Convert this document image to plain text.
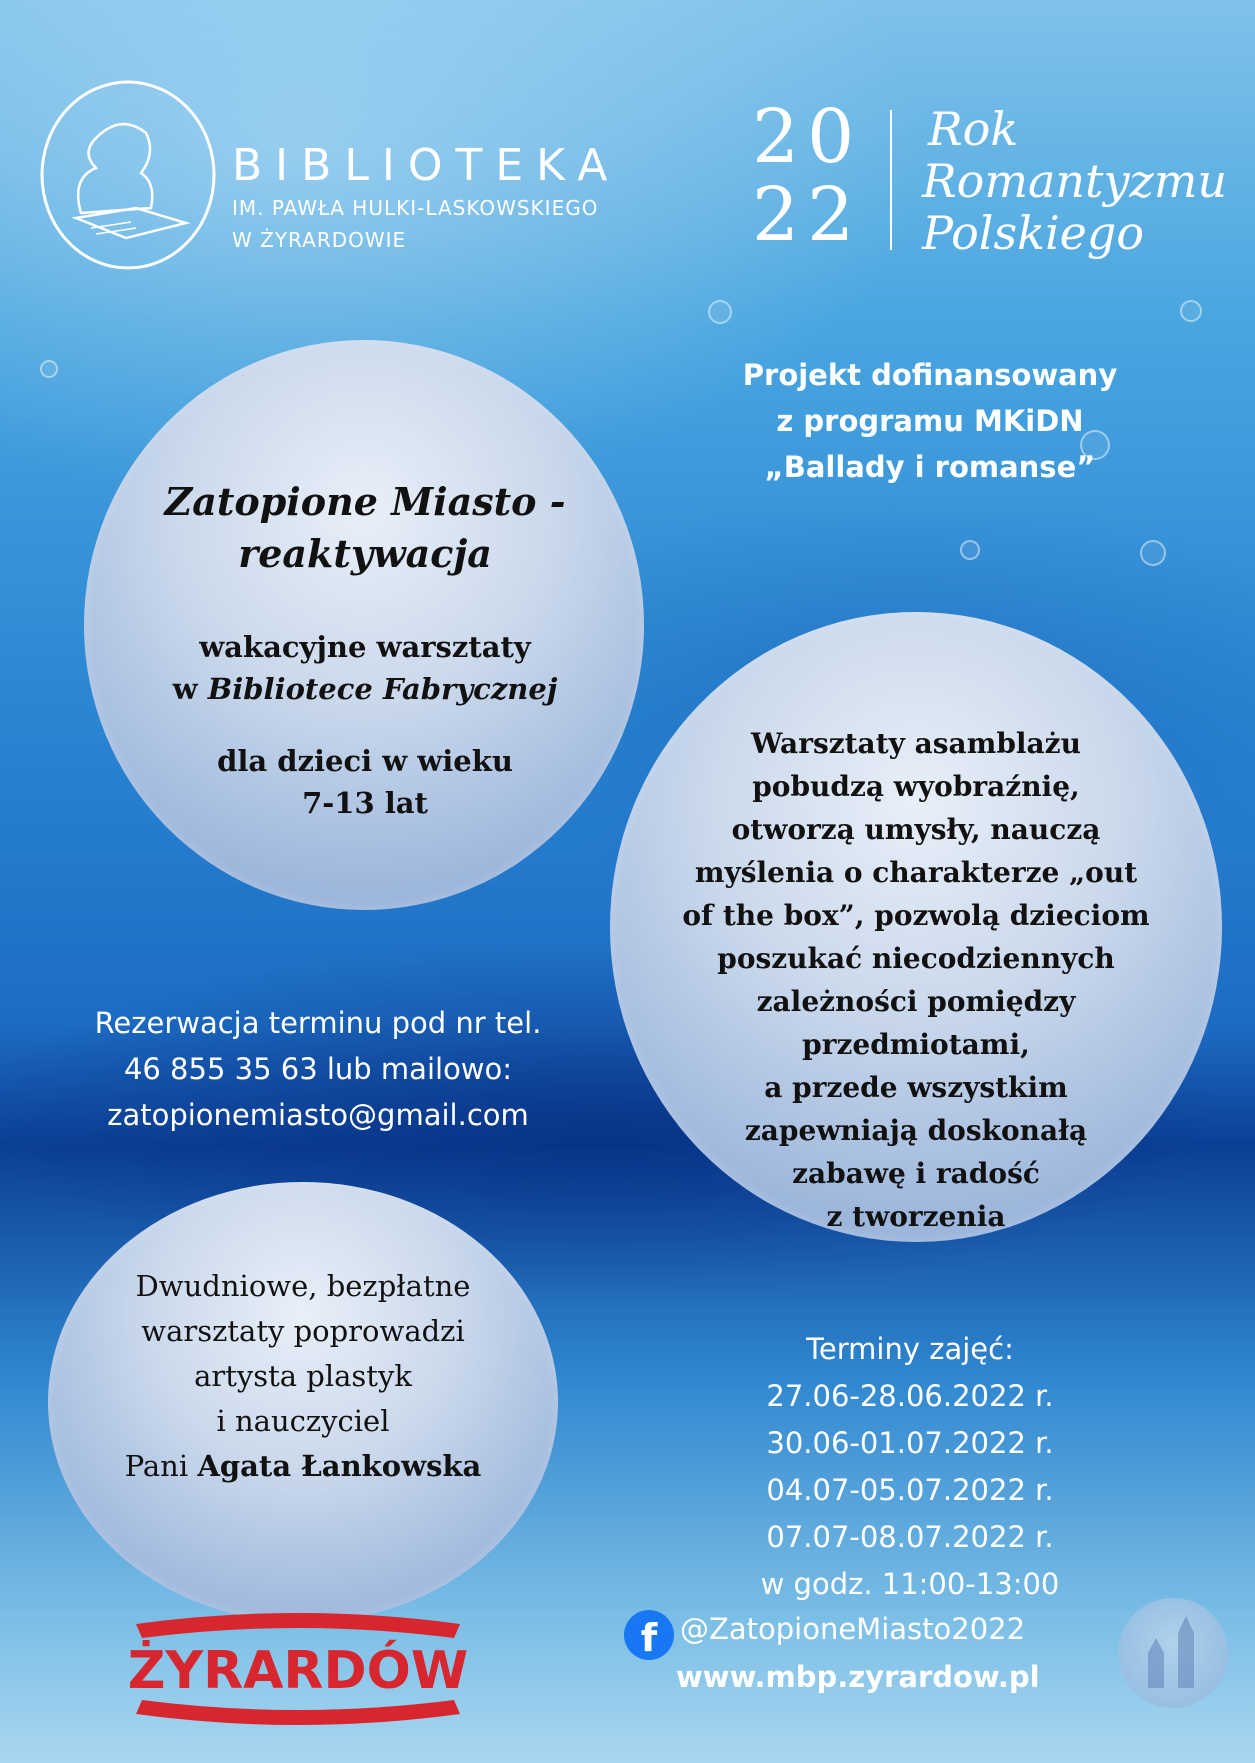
BIBLIOTEKA
IM. PAWŁA HULKI-LASKOWSKIEGO
W ŻYRARDOWIE
20
22
Rok
Romantyzmu
Polskiego
Projekt dofinansowany
z programu MKiDN
„Ballady i romanse”
Zatopione Miasto -
reaktywacja
wakacyjne warsztaty
w Bibliotece Fabrycznej
dla dzieci w wieku
7-13 lat
Warsztaty asamblażu
pobudzą wyobraźnię,
otworzą umysły, nauczą
myślenia o charakterze „out
of the box”, pozwolą dzieciom
poszukać niecodziennych
zależności pomiędzy
przedmiotami,
a przede wszystkim
zapewniają doskonałą
zabawę i radość
z tworzenia
Rezerwacja terminu pod nr tel.
46 855 35 63 lub mailowo:
zatopionemiasto@gmail.com
Dwudniowe, bezpłatne
warsztaty poprowadzi
artysta plastyk
i nauczyciel
Pani Agata Łankowska
Terminy zajęć:
27.06-28.06.2022 r.
30.06-01.07.2022 r.
04.07-05.07.2022 r.
07.07-08.07.2022 r.
w godz. 11:00-13:00
f @ZatopioneMiasto2022
www.mbp.zyrardow.pl
ŻYRARDÓW
